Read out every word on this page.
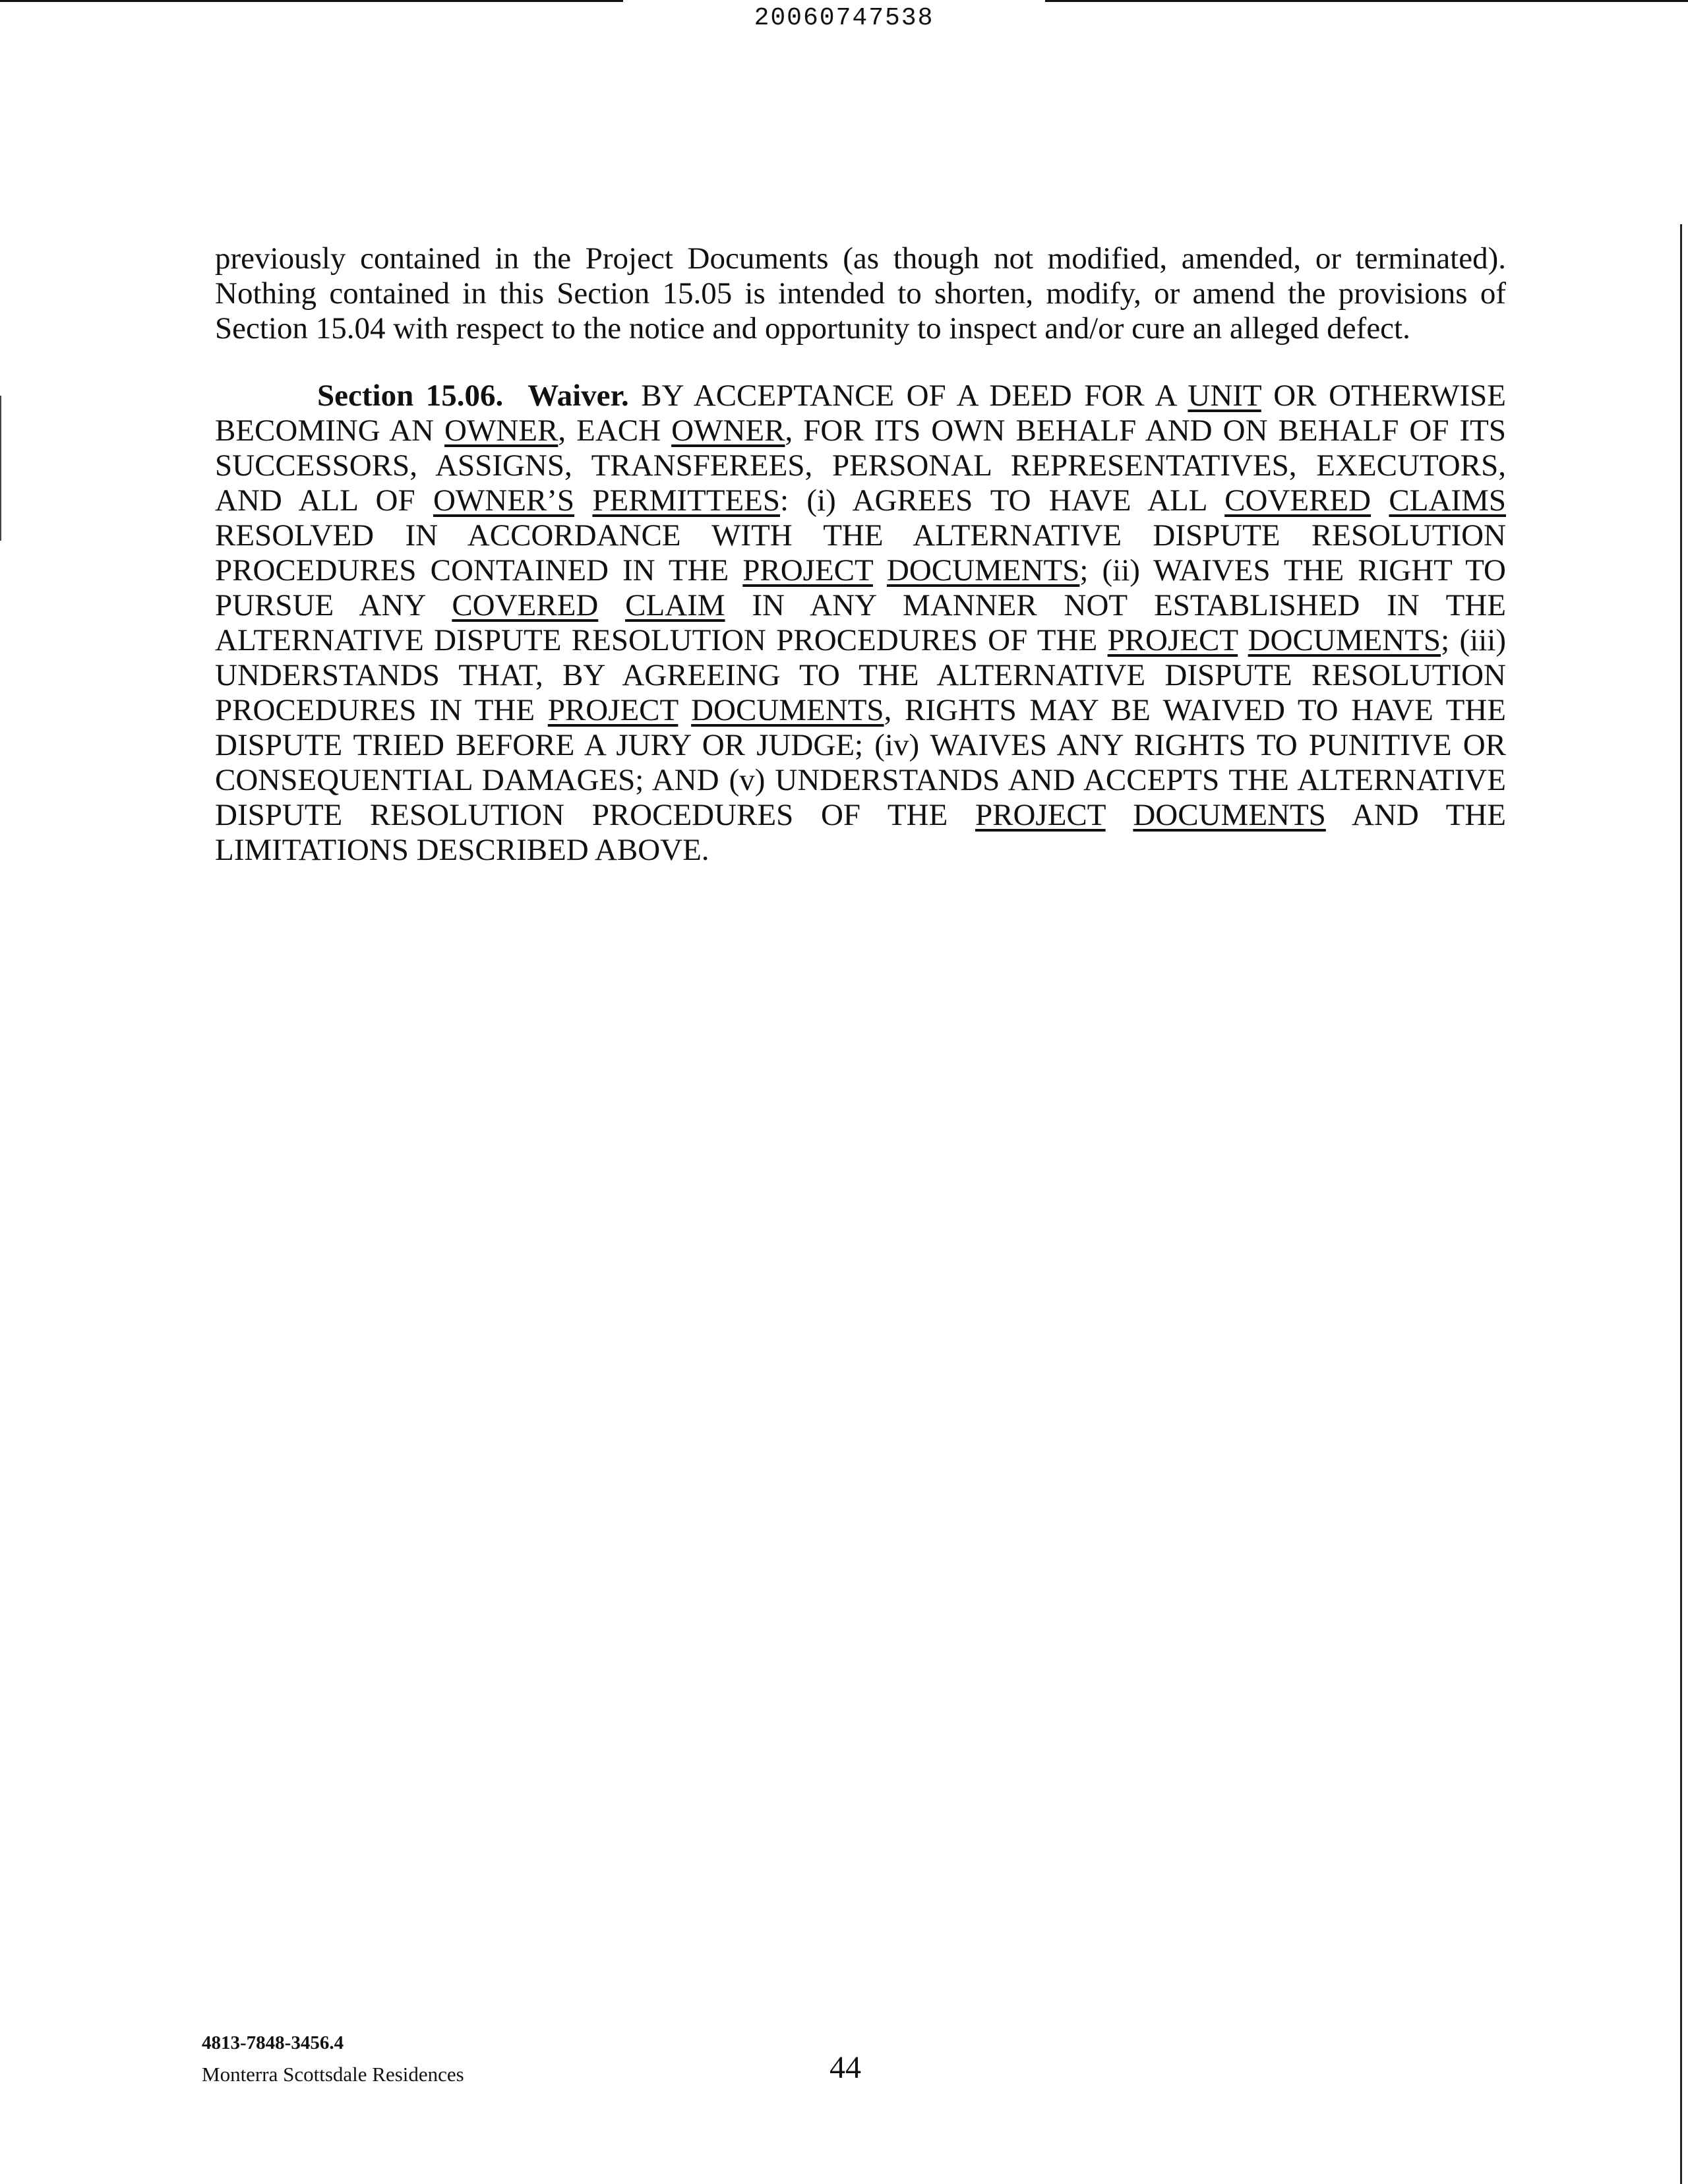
20060747538
previously contained in the Project Documents (as though not modified, amended, or terminated). Nothing contained in this Section 15.05 is intended to shorten, modify, or amend the provisions of Section 15.04 with respect to the notice and opportunity to inspect and/or cure an alleged defect.
Section 15.06. Waiver. BY ACCEPTANCE OF A DEED FOR A UNIT OR OTHERWISE BECOMING AN OWNER, EACH OWNER, FOR ITS OWN BEHALF AND ON BEHALF OF ITS SUCCESSORS, ASSIGNS, TRANSFEREES, PERSONAL REPRESENTATIVES, EXECUTORS, AND ALL OF OWNER’S PERMITTEES: (i) AGREES TO HAVE ALL COVERED CLAIMS RESOLVED IN ACCORDANCE WITH THE ALTERNATIVE DISPUTE RESOLUTION PROCEDURES CONTAINED IN THE PROJECT DOCUMENTS; (ii) WAIVES THE RIGHT TO PURSUE ANY COVERED CLAIM IN ANY MANNER NOT ESTABLISHED IN THE ALTERNATIVE DISPUTE RESOLUTION PROCEDURES OF THE PROJECT DOCUMENTS; (iii) UNDERSTANDS THAT, BY AGREEING TO THE ALTERNATIVE DISPUTE RESOLUTION PROCEDURES IN THE PROJECT DOCUMENTS, RIGHTS MAY BE WAIVED TO HAVE THE DISPUTE TRIED BEFORE A JURY OR JUDGE; (iv) WAIVES ANY RIGHTS TO PUNITIVE OR CONSEQUENTIAL DAMAGES; AND (v) UNDERSTANDS AND ACCEPTS THE ALTERNATIVE DISPUTE RESOLUTION PROCEDURES OF THE PROJECT DOCUMENTS AND THE LIMITATIONS DESCRIBED ABOVE.
4813-7848-3456.4
Monterra Scottsdale Residences	44
